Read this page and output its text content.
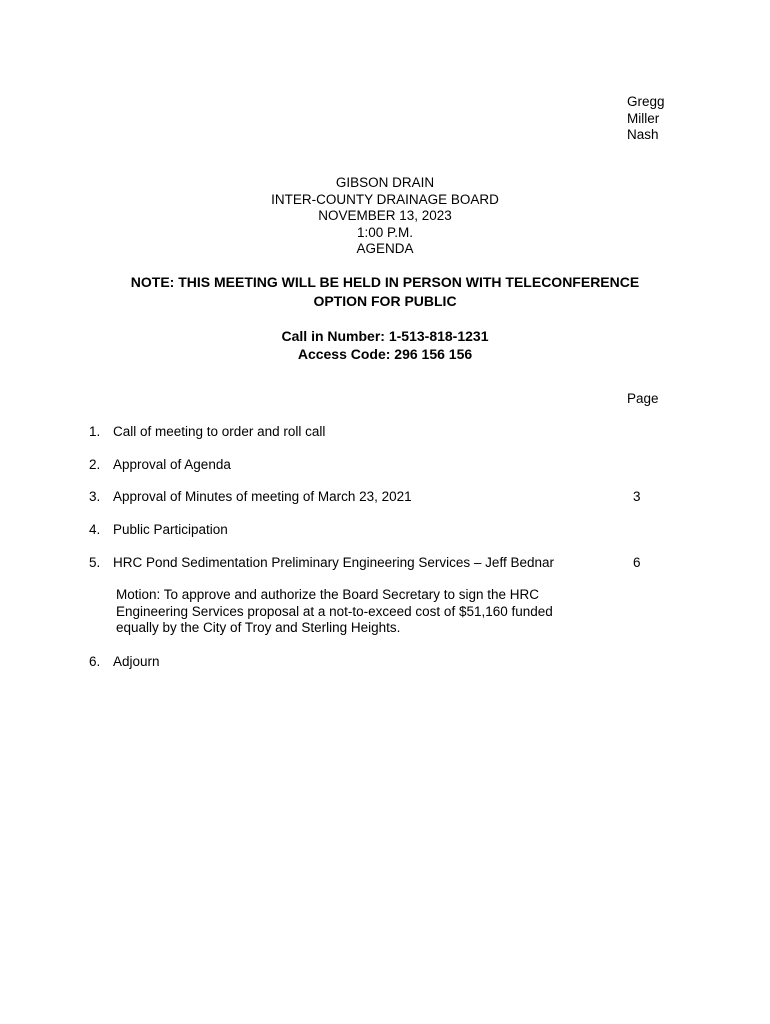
Gregg
Miller
Nash
GIBSON DRAIN
INTER-COUNTY DRAINAGE BOARD
NOVEMBER 13, 2023
1:00 P.M.
AGENDA
NOTE: THIS MEETING WILL BE HELD IN PERSON WITH TELECONFERENCE
OPTION FOR PUBLIC
Call in Number: 1-513-818-1231
Access Code: 296 156 156
Page
1. Call of meeting to order and roll call
2. Approval of Agenda
3. Approval of Minutes of meeting of March 23, 2021	3
4. Public Participation
5. HRC Pond Sedimentation Preliminary Engineering Services – Jeff Bednar	6
Motion: To approve and authorize the Board Secretary to sign the HRC
Engineering Services proposal at a not-to-exceed cost of $51,160 funded
equally by the City of Troy and Sterling Heights.
6. Adjourn
